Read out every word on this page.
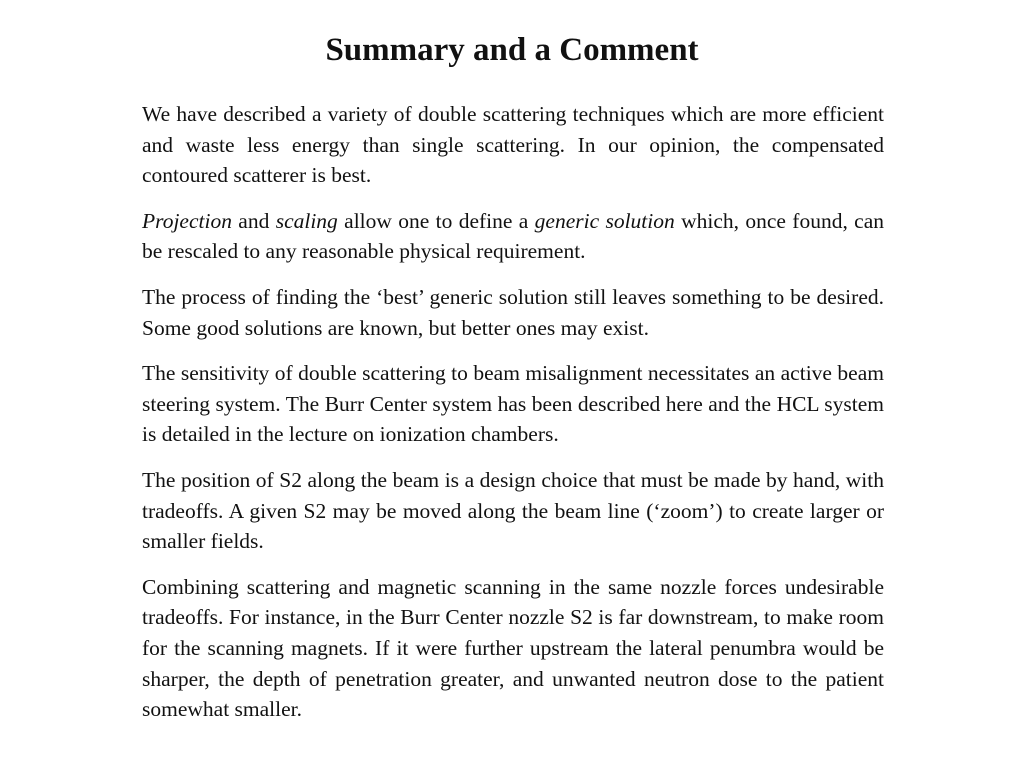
Summary and a Comment

We have described a variety of double scattering techniques which are more efficient and waste less energy than single scattering. In our opinion, the compensated contoured scatterer is best.

Projection and scaling allow one to define a generic solution which, once found, can be rescaled to any reasonable physical requirement.

The process of finding the ‘best’ generic solution still leaves something to be desired. Some good solutions are known, but better ones may exist.

The sensitivity of double scattering to beam misalignment necessitates an active beam steering system. The Burr Center system has been described here and the HCL system is detailed in the lecture on ionization chambers.

The position of S2 along the beam is a design choice that must be made by hand, with tradeoffs. A given S2 may be moved along the beam line (‘zoom’) to create larger or smaller fields.

Combining scattering and magnetic scanning in the same nozzle forces undesirable tradeoffs. For instance, in the Burr Center nozzle S2 is far downstream, to make room for the scanning magnets. If it were further upstream the lateral penumbra would be sharper, the depth of penetration greater, and unwanted neutron dose to the patient somewhat smaller.
